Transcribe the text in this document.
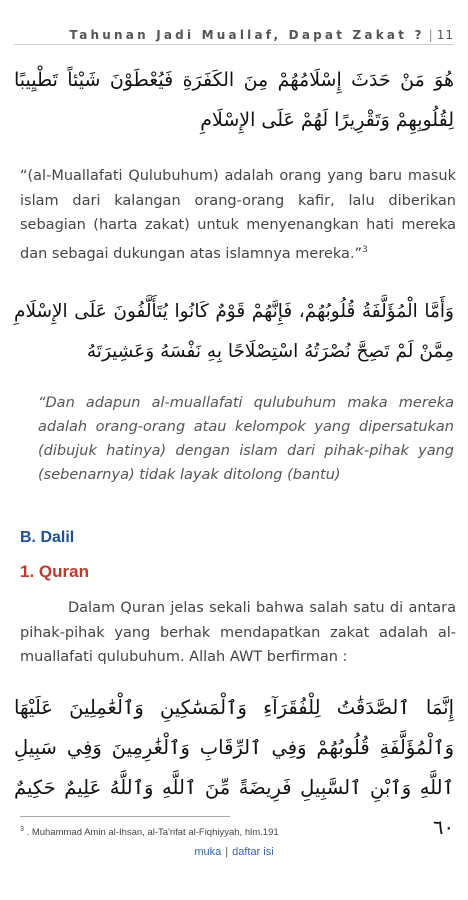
Tahunan Jadi Muallaf, Dapat Zakat ? | 11
هُوَ مَنْ حَدَثَ إِسْلَامُهُمْ مِنَ الكَفَرَةِ فَيُعْطَوْنَ شَيْئاً تَطْيِيبًا لِقُلُوبِهِمْ وَتَقْرِيرًا لَهُمْ عَلَى الإِسْلَامِ
“(al-Muallafati Qulubuhum) adalah orang yang baru masuk islam dari kalangan orang-orang kafir, lalu diberikan sebagian (harta zakat) untuk menyenangkan hati mereka dan sebagai dukungan atas islamnya mereka.”$^3$
وَأَمَّا الْمُؤَلَّفَةُ قُلُوبُهُمْ، فَإِنَّهُمْ قَوْمٌ كَانُوا يُتَأَلَّفُونَ عَلَى الإِسْلَامِ مِمَّنْ لَمْ تَصِحَّ نُصْرَتُهُ اسْتِصْلَاحًا بِهِ نَفْسَهُ وَعَشِيرَتَهُ
“Dan adapun al-muallafati qulubuhum maka mereka adalah orang-orang atau kelompok yang dipersatukan (dibujuk hatinya) dengan islam dari pihak-pihak yang (sebenarnya) tidak layak ditolong (bantu)
B. Dalil
1. Quran
Dalam Quran jelas sekali bahwa salah satu di antara pihak-pihak yang berhak mendapatkan zakat adalah al-muallafati qulubuhum. Allah AWT berfirman :
إِنَّمَا ٱلصَّدَقَٰتُ لِلْفُقَرَآءِ وَٱلْمَسَٰكِينِ وَٱلْعَٰمِلِينَ عَلَيْهَا وَٱلْمُؤَلَّفَةِ قُلُوبُهُمْ وَفِي ٱلرِّقَابِ وَٱلْغَٰرِمِينَ وَفِي سَبِيلِ ٱللَّهِ وَٱبْنِ ٱلسَّبِيلِ فَرِيضَةً مِّنَ ٱللَّهِ وَٱللَّهُ عَلِيمٌ حَكِيمٌ ٦٠
$^3$ . Muhammad Amin al-Ihsan, al-Ta'rifat al-Fiqhiyyah, hlm.191
muka | daftar isi
